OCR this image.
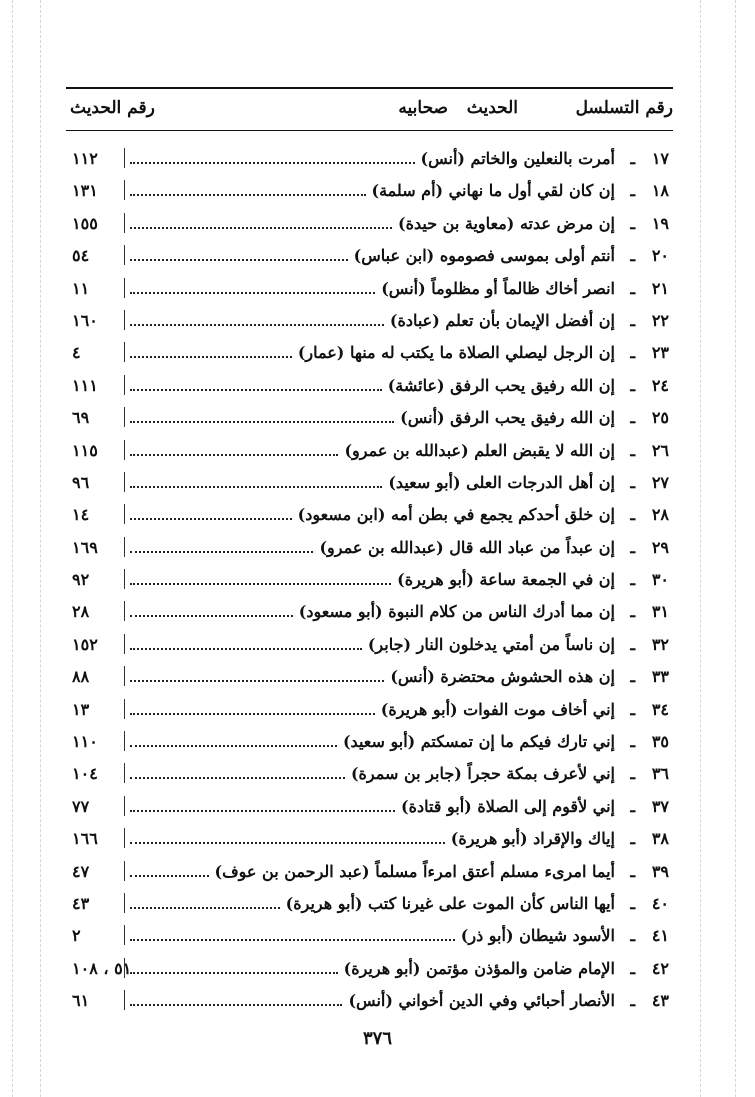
رقم التسلسل
الحديث
صحابيه
رقم الحديث
١٧
ـ
أمرت بالنعلين والخاتم (أنس)
١١٢
١٨
ـ
إن كان لقي أول ما نهاني (أم سلمة)
١٣١
١٩
ـ
إن مرض عدته (معاوية بن حيدة)
١٥٥
٢٠
ـ
أنتم أولى بموسى فصوموه (ابن عباس)
٥٤
٢١
ـ
انصر أخاك ظالماً أو مظلوماً (أنس)
١١
٢٢
ـ
إن أفضل الإيمان بأن تعلم (عبادة)
١٦٠
٢٣
ـ
إن الرجل ليصلي الصلاة ما يكتب له منها (عمار)
٤
٢٤
ـ
إن الله رفيق يحب الرفق (عائشة)
١١١
٢٥
ـ
إن الله رفيق يحب الرفق (أنس)
٦٩
٢٦
ـ
إن الله لا يقبض العلم (عبدالله بن عمرو)
١١٥
٢٧
ـ
إن أهل الدرجات العلى (أبو سعيد)
٩٦
٢٨
ـ
إن خلق أحدكم يجمع في بطن أمه (ابن مسعود)
١٤
٢٩
ـ
إن عبداً من عباد الله قال (عبدالله بن عمرو)
١٦٩
٣٠
ـ
إن في الجمعة ساعة (أبو هريرة)
٩٢
٣١
ـ
إن مما أدرك الناس من كلام النبوة (أبو مسعود)
٢٨
٣٢
ـ
إن ناساً من أمتي يدخلون النار (جابر)
١٥٢
٣٣
ـ
إن هذه الحشوش محتضرة (أنس)
٨٨
٣٤
ـ
إني أخاف موت الفوات (أبو هريرة)
١٣
٣٥
ـ
إني تارك فيكم ما إن تمسكتم (أبو سعيد)
١١٠
٣٦
ـ
إني لأعرف بمكة حجراً (جابر بن سمرة)
١٠٤
٣٧
ـ
إني لأقوم إلى الصلاة (أبو قتادة)
٧٧
٣٨
ـ
إياك والإقراد (أبو هريرة)
١٦٦
٣٩
ـ
أيما امرىء مسلم أعتق امرءاً مسلماً (عبد الرحمن بن عوف)
٤٧
٤٠
ـ
أيها الناس كأن الموت على غيرنا كتب (أبو هريرة)
٤٣
٤١
ـ
الأسود شيطان (أبو ذر)
٢
٤٢
ـ
الإمام ضامن والمؤذن مؤتمن (أبو هريرة)
٥١ ، ١٠٨
٤٣
ـ
الأنصار أحبائي وفي الدين أخواني (أنس)
٦١
٣٧٦
